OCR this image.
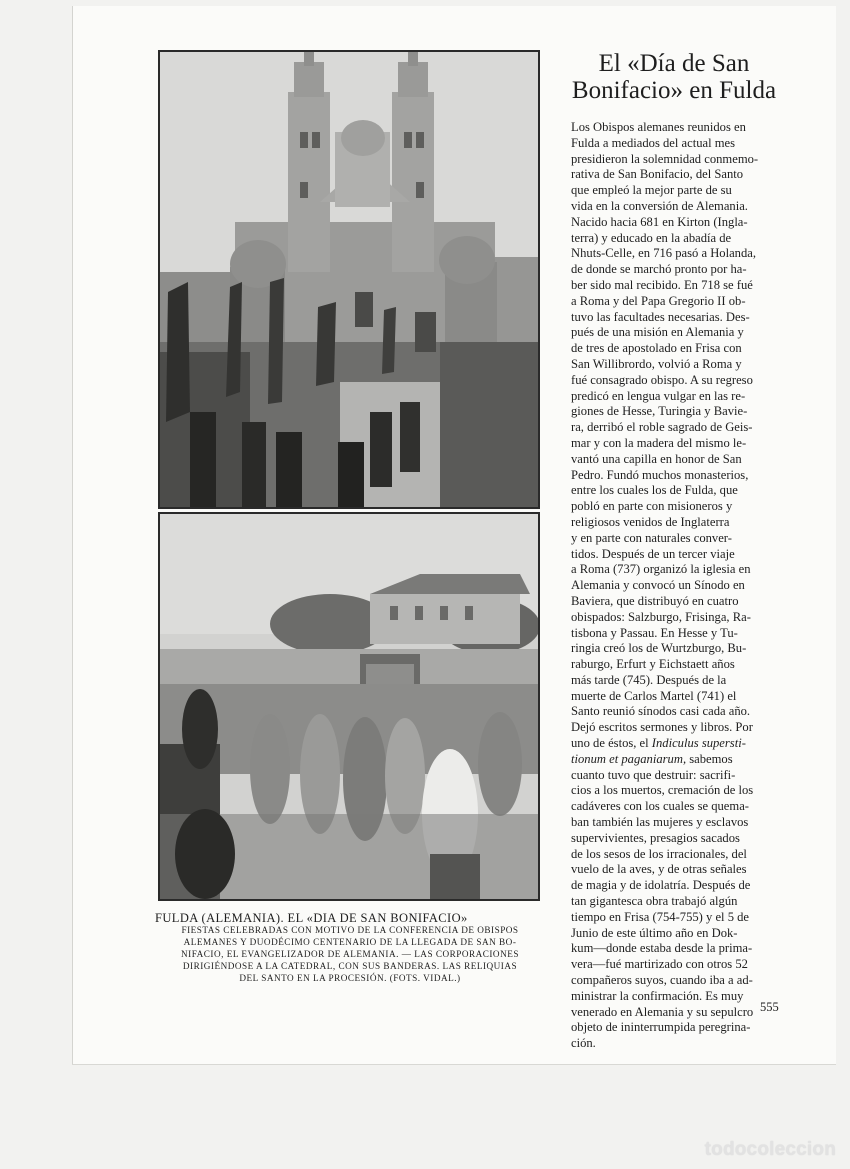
FULDA (ALEMANIA). EL «DIA DE SAN BONIFACIO»
FIESTAS CELEBRADAS CON MOTIVO DE LA CONFERENCIA DE OBISPOS
ALEMANES Y DUODÉCIMO CENTENARIO DE LA LLEGADA DE SAN BO-
NIFACIO, EL EVANGELIZADOR DE ALEMANIA. — LAS CORPORACIONES
DIRIGIÉNDOSE A LA CATEDRAL, CON SUS BANDERAS. LAS RELIQUIAS
DEL SANTO EN LA PROCESIÓN. (FOTS. VIDAL.)
El «Día de San
Bonifacio» en Fulda
Los Obispos alemanes reunidos en
Fulda a mediados del actual mes
presidieron la solemnidad conmemo-
rativa de San Bonifacio, del Santo
que empleó la mejor parte de su
vida en la conversión de Alemania.
Nacido hacia 681 en Kirton (Ingla-
terra) y educado en la abadía de
Nhuts-Celle, en 716 pasó a Holanda,
de donde se marchó pronto por ha-
ber sido mal recibido. En 718 se fué
a Roma y del Papa Gregorio II ob-
tuvo las facultades necesarias. Des-
pués de una misión en Alemania y
de tres de apostolado en Frisa con
San Willibrordo, volvió a Roma y
fué consagrado obispo. A su regreso
predicó en lengua vulgar en las re-
giones de Hesse, Turingia y Bavie-
ra, derribó el roble sagrado de Geis-
mar y con la madera del mismo le-
vantó una capilla en honor de San
Pedro. Fundó muchos monasterios,
entre los cuales los de Fulda, que
pobló en parte con misioneros y
religiosos venidos de Inglaterra
y en parte con naturales conver-
tidos. Después de un tercer viaje
a Roma (737) organizó la iglesia en
Alemania y convocó un Sínodo en
Baviera, que distribuyó en cuatro
obispados: Salzburgo, Frisinga, Ra-
tisbona y Passau. En Hesse y Tu-
ringia creó los de Wurtzburgo, Bu-
raburgo, Erfurt y Eichstaett años
más tarde (745). Después de la
muerte de Carlos Martel (741) el
Santo reunió sínodos casi cada año.
Dejó escritos sermones y libros. Por
uno de éstos, el Indiculus supersti-
tionum et paganiarum, sabemos
cuanto tuvo que destruir: sacrifi-
cios a los muertos, cremación de los
cadáveres con los cuales se quema-
ban también las mujeres y esclavos
supervivientes, presagios sacados
de los sesos de los irracionales, del
vuelo de la aves, y de otras señales
de magia y de idolatría. Después de
tan gigantesca obra trabajó algún
tiempo en Frisa (754-755) y el 5 de
Junio de este último año en Dok-
kum—donde estaba desde la prima-
vera—fué martirizado con otros 52
compañeros suyos, cuando iba a ad-
ministrar la confirmación. Es muy
venerado en Alemania y su sepulcro
objeto de ininterrumpida peregrina-
ción.
555
todocoleccion
